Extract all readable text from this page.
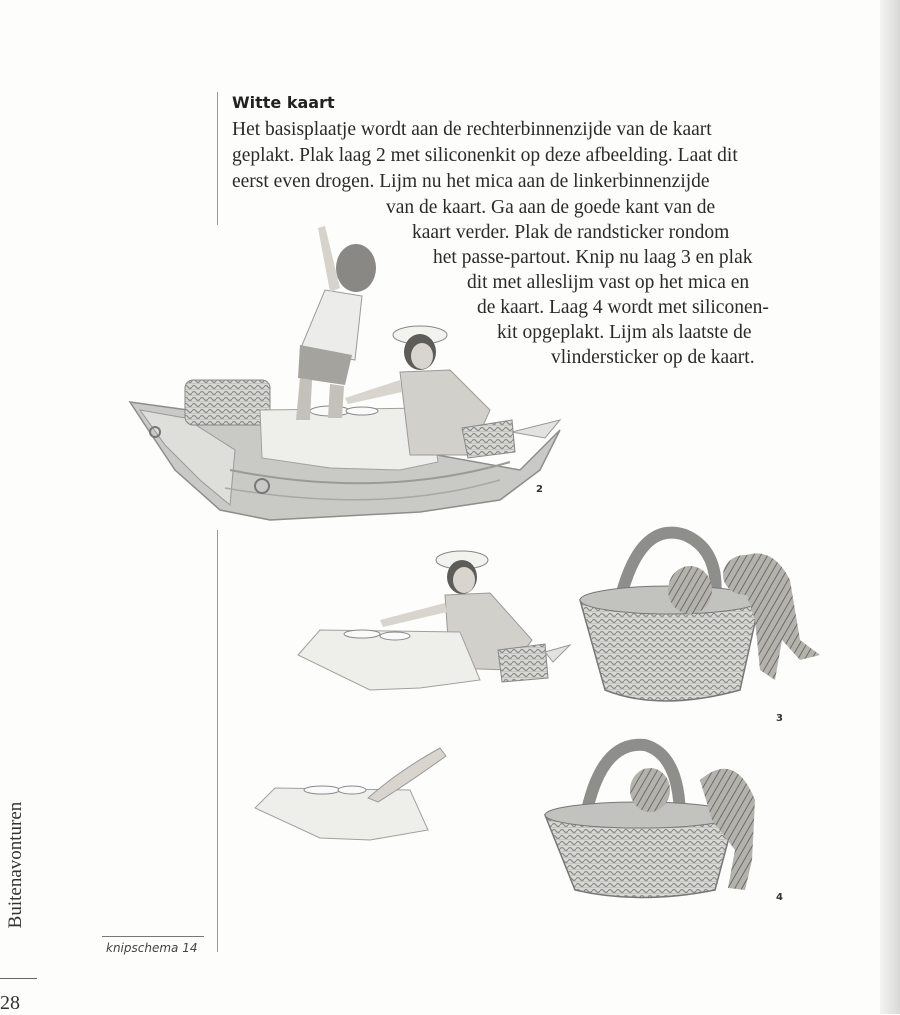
Witte kaart

Het basisplaatje wordt aan de rechterbinnenzijde van de kaart

geplakt. Plak laag 2 met siliconenkit op deze afbeelding. Laat dit

eerst even drogen. Lijm nu het mica aan de linkerbinnenzijde

van de kaart. Ga aan de goede kant van de

kaart verder. Plak de randsticker rondom

het passe-partout. Knip nu laag 3 en plak

dit met alleslijm vast op het mica en

de kaart. Laag 4 wordt met siliconen-

kit opgeplakt. Lijm als laatste de

vlindersticker op de kaart.

2
3
4
knipschema 14
Buitenavonturen
28
